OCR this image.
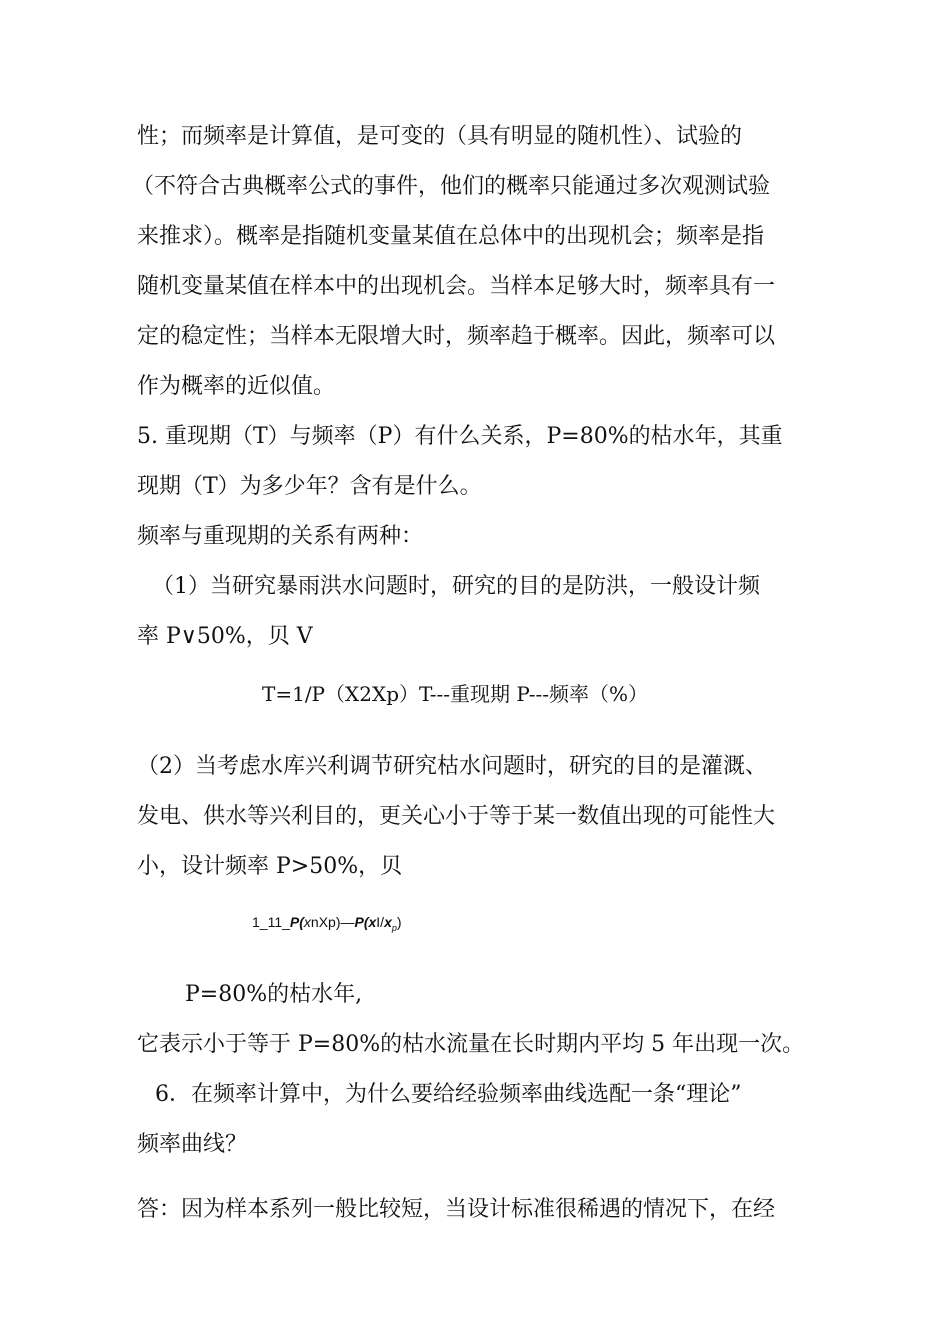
性；而频率是计算值，是可变的（具有明显的随机性）、试验的
（不符合古典概率公式的事件，他们的概率只能通过多次观测试验
来推求）。概率是指随机变量某值在总体中的出现机会；频率是指
随机变量某值在样本中的出现机会。当样本足够大时，频率具有一
定的稳定性；当样本无限增大时，频率趋于概率。因此，频率可以
作为概率的近似值。
5. 重现期（T）与频率（P）有什么关系，P=80%的枯水年，其重
现期（T）为多少年？含有是什么。
频率与重现期的关系有两种：
（1）当研究暴雨洪水问题时，研究的目的是防洪，一般设计频
率 P∨50%，贝 V
T=1/P（X2Xp）T---重现期 P---频率（%）
（2）当考虑水库兴利调节研究枯水问题时，研究的目的是灌溉、
发电、供水等兴利目的，更关心小于等于某一数值出现的可能性大
小，设计频率 P>50%，贝
$1\_11\_P(xnXp)—P(xI/x_p)$
P=80%的枯水年,
它表示小于等于 P=80%的枯水流量在长时期内平均 5 年出现一次。
6．在频率计算中，为什么要给经验频率曲线选配一条“理论”
频率曲线？
答：因为样本系列一般比较短，当设计标准很稀遇的情况下，在经
